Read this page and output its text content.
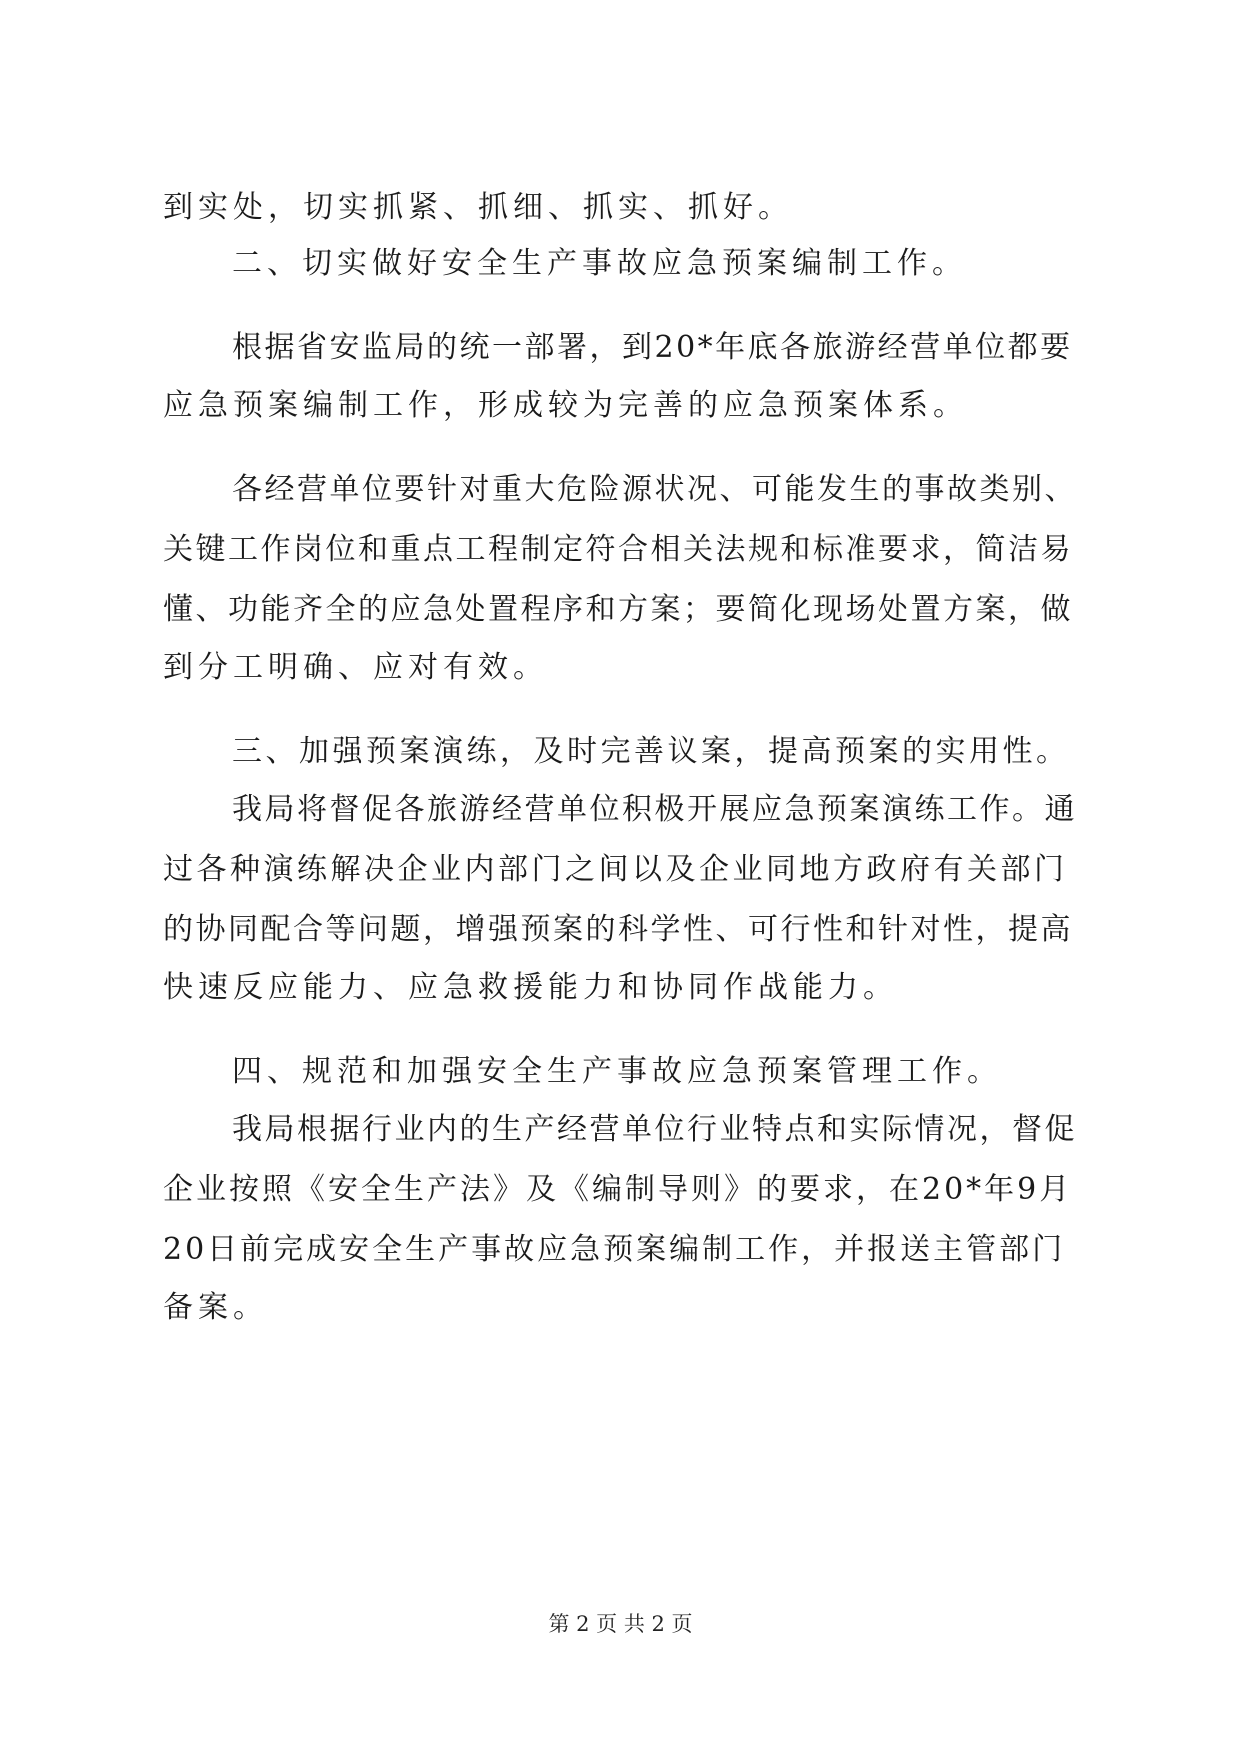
到实处，切实抓紧、抓细、抓实、抓好。
二、切实做好安全生产事故应急预案编制工作。
根据省安监局的统一部署，到20*年底各旅游经营单位都要
应急预案编制工作，形成较为完善的应急预案体系。
各经营单位要针对重大危险源状况、可能发生的事故类别、
关键工作岗位和重点工程制定符合相关法规和标准要求，简洁易
懂、功能齐全的应急处置程序和方案；要简化现场处置方案，做
到分工明确、应对有效。
三、加强预案演练，及时完善议案，提高预案的实用性。
我局将督促各旅游经营单位积极开展应急预案演练工作。通
过各种演练解决企业内部门之间以及企业同地方政府有关部门
的协同配合等问题，增强预案的科学性、可行性和针对性，提高
快速反应能力、应急救援能力和协同作战能力。
四、规范和加强安全生产事故应急预案管理工作。
我局根据行业内的生产经营单位行业特点和实际情况，督促
企业按照《安全生产法》及《编制导则》的要求，在20*年9月
20日前完成安全生产事故应急预案编制工作，并报送主管部门
备案。
第 2 页 共 2 页
